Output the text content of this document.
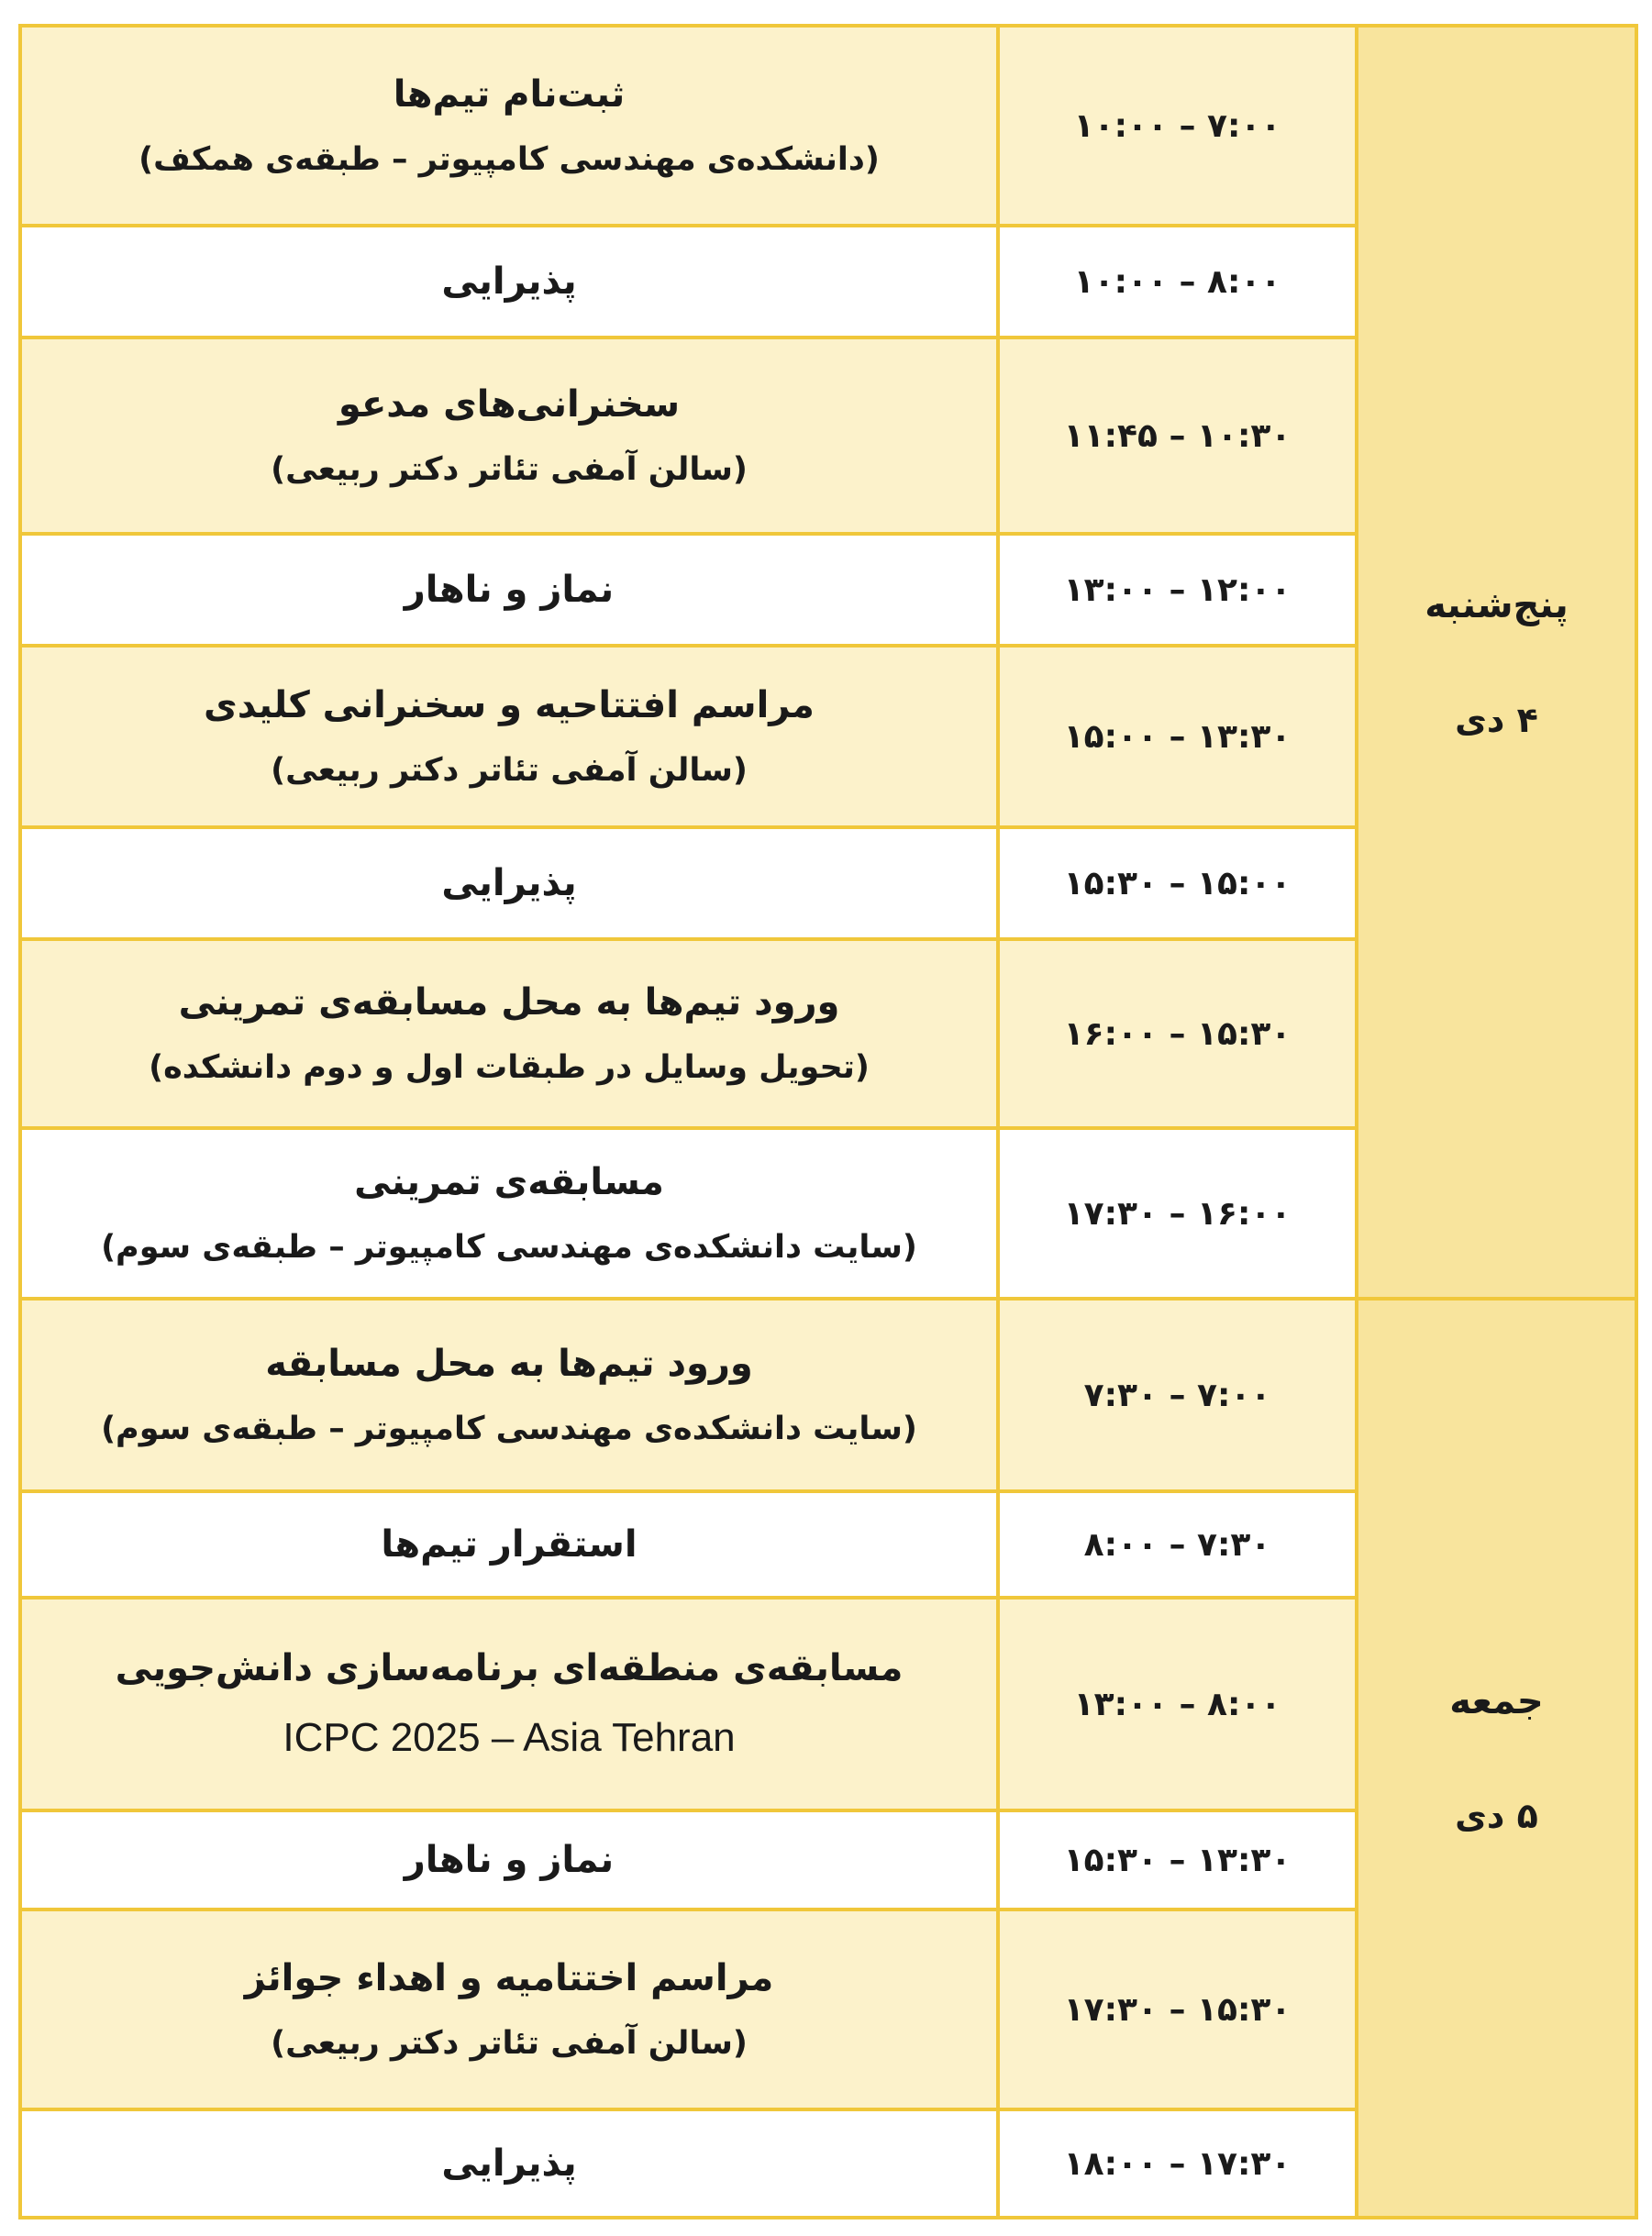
ثبت‌نام تیم‌ها
(دانشکده‌ی مهندسی کامپیوتر – طبقه‌ی همکف)	۷:۰۰ – ۱۰:۰۰	پنج‌شنبه
۴ دی

پذیرایی	۸:۰۰ – ۱۰:۰۰	

سخنرانی‌های مدعو
(سالن آمفی تئاتر دکتر ربیعی)	۱۰:۳۰ – ۱۱:۴۵	

نماز و ناهار	۱۲:۰۰ – ۱۳:۰۰	

مراسم افتتاحیه و سخنرانی کلیدی
(سالن آمفی تئاتر دکتر ربیعی)	۱۳:۳۰ – ۱۵:۰۰	

پذیرایی	۱۵:۰۰ – ۱۵:۳۰	

ورود تیم‌ها به محل مسابقه‌ی تمرینی
(تحویل وسایل در طبقات اول و دوم دانشکده)	۱۵:۳۰ – ۱۶:۰۰	

مسابقه‌ی تمرینی
(سایت دانشکده‌ی مهندسی کامپیوتر – طبقه‌ی سوم)	۱۶:۰۰ – ۱۷:۳۰	

ورود تیم‌ها به محل مسابقه
(سایت دانشکده‌ی مهندسی کامپیوتر – طبقه‌ی سوم)	۷:۰۰ – ۷:۳۰	جمعه
۵ دی

استقرار تیم‌ها	۷:۳۰ – ۸:۰۰	

مسابقه‌ی منطقه‌ای برنامه‌سازی دانش‌جویی
ICPC 2025 – Asia Tehran	۸:۰۰ – ۱۳:۰۰	

نماز و ناهار	۱۳:۳۰ – ۱۵:۳۰	

مراسم اختتامیه و اهداء جوائز
(سالن آمفی تئاتر دکتر ربیعی)	۱۵:۳۰ – ۱۷:۳۰	

پذیرایی	۱۷:۳۰ – ۱۸:۰۰	
